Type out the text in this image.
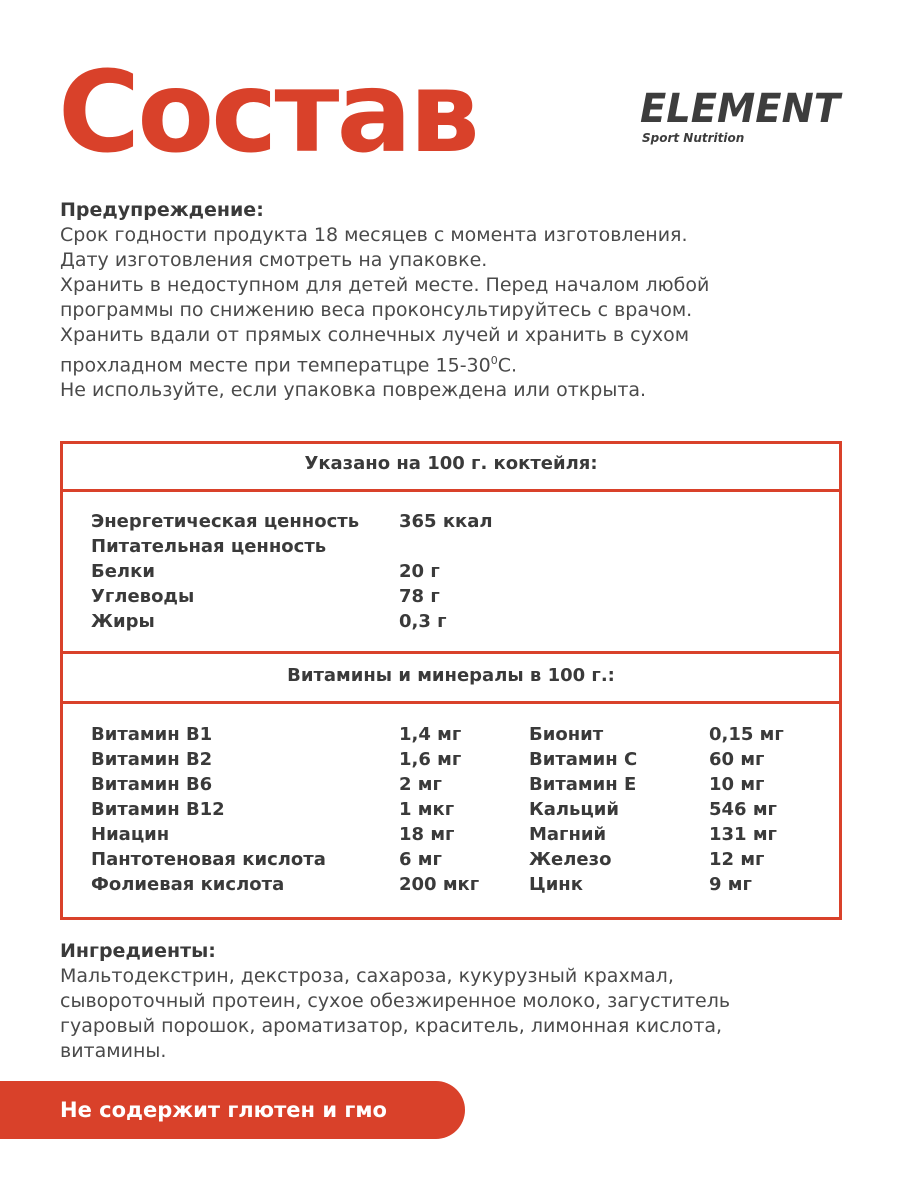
Состав	ELEMENT
Sport Nutrition
Предупреждение:
Срок годности продукта 18 месяцев с момента изготовления.
Дату изготовления смотреть на упаковке.
Хранить в недоступном для детей месте. Перед началом любой
программы по снижению веса проконсультируйтесь с врачом.
Хранить вдали от прямых солнечных лучей и хранить в сухом
прохладном месте при температцре $15-30^0С$.
Не используйте, если упаковка повреждена или открыта.
Указано на 100 г. коктейля:
Энергетическая ценность 365 ккал
Питательная ценность
Белки	20 г
Углеводы	78 г
Жиры	0,3 г
Витамины и минералы в 100 г.:
Витамин В1	1,4 мг	Бионит	0,15 мг
Витамин В2	1,6 мг	Витамин С	60 мг
Витамин В6	2 мг	Витамин Е	10 мг
Витамин В12	1 мкг	Кальций	546 мг
Ниацин	18 мг	Магний	131 мг
Пантотеновая кислота	6 мг	Железо	12 мг
Фолиевая кислота	200 мкг	Цинк	9 мг
Ингредиенты:
Мальтодекстрин, декстроза, сахароза, кукурузный крахмал,
сывороточный протеин, сухое обезжиренное молоко, загуститель
гуаровый порошок, ароматизатор, краситель, лимонная кислота,
витамины.
Не содержит глютен и гмо
